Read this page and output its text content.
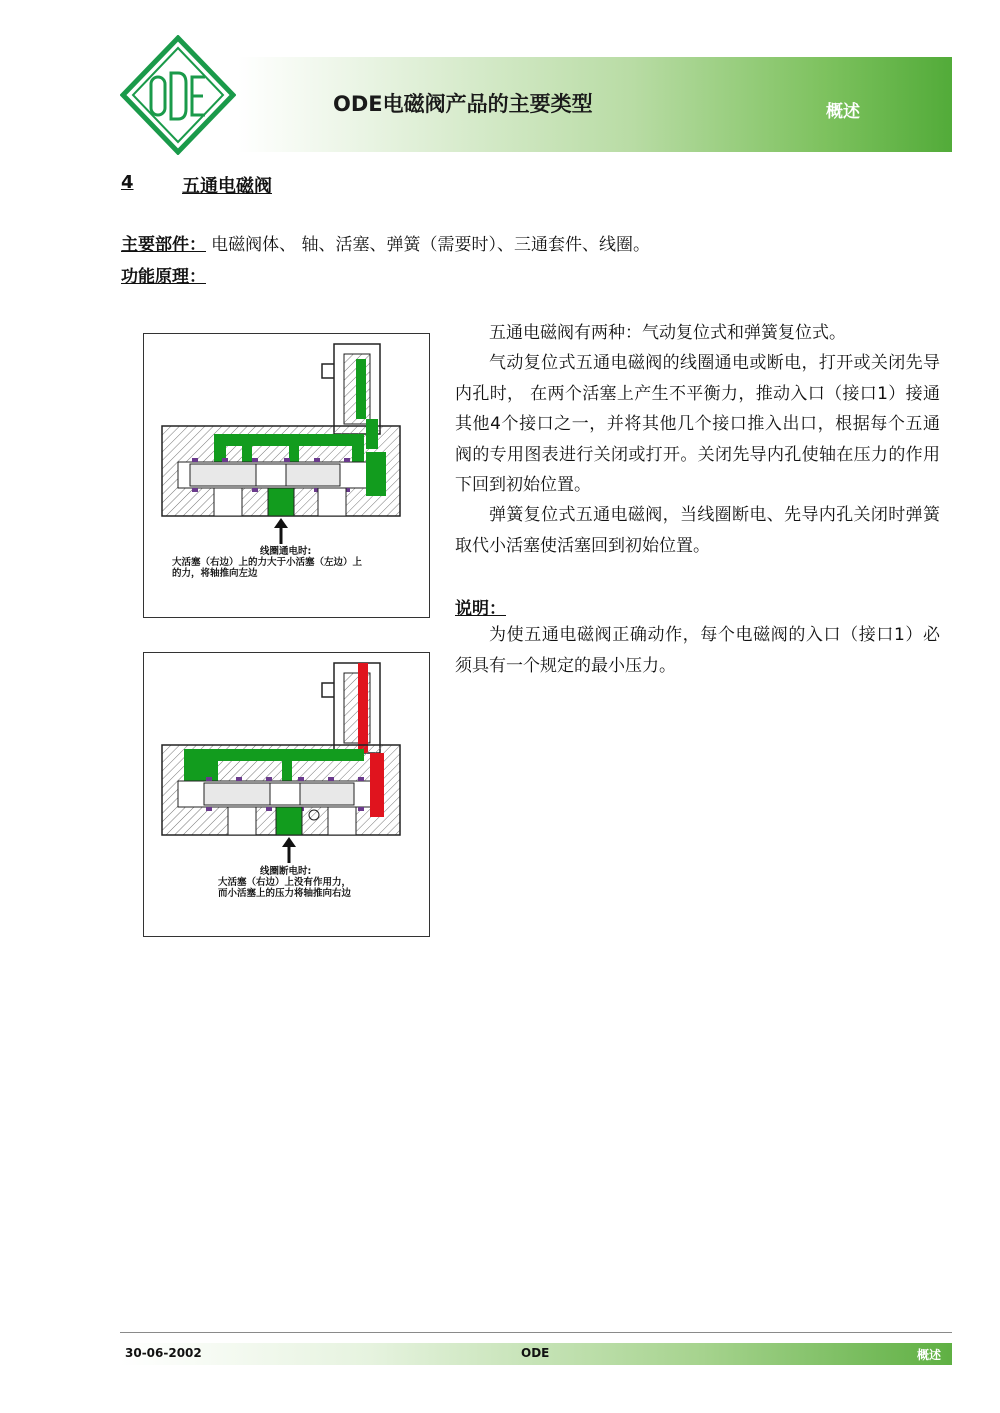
ODE电磁阀产品的主要类型	概述
4	五通电磁阀
主要部件： 电磁阀体、 轴、活塞、弹簧（需要时）、三通套件、线圈。
功能原理：
线圈通电时:
大活塞（右边）上的力大于小活塞（左边）上
的力，将轴推向左边
线圈断电时:
大活塞（右边）上没有作用力，
而小活塞上的压力将轴推向右边
五通电磁阀有两种：气动复位式和弹簧复位式。
气动复位式五通电磁阀的线圈通电或断电，打开或关闭先导内孔时， 在两个活塞上产生不平衡力，推动入口（接口1）接通其他4个接口之一，并将其他几个接口推入出口，根据每个五通阀的专用图表进行关闭或打开。关闭先导内孔使轴在压力的作用下回到初始位置。
弹簧复位式五通电磁阀，当线圈断电、先导内孔关闭时弹簧取代小活塞使活塞回到初始位置。
说明：
为使五通电磁阀正确动作，每个电磁阀的入口（接口1）必须具有一个规定的最小压力。
30-06-2002	ODE	概述
